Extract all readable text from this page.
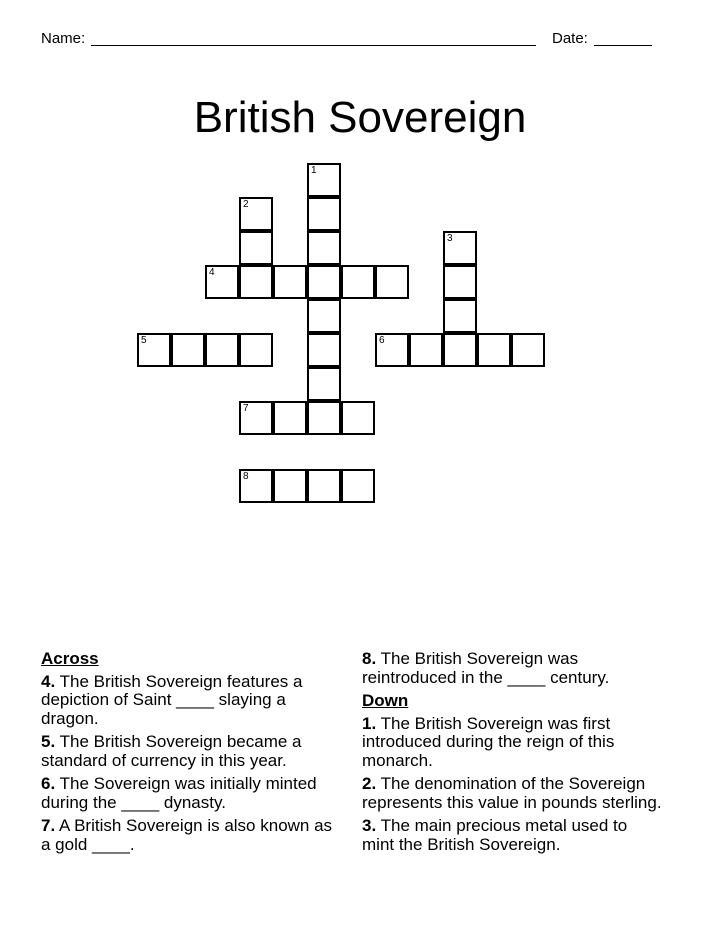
Name:	Date:
British Sovereign
1
2
3
4
5	6
7
8
Across
4. The British Sovereign features a depiction of Saint ____ slaying a dragon.
5. The British Sovereign became a standard of currency in this year.
6. The Sovereign was initially minted during the ____ dynasty.
7. A British Sovereign is also known as a gold ____.
8. The British Sovereign was reintroduced in the ____ century.
Down
1. The British Sovereign was first introduced during the reign of this monarch.
2. The denomination of the Sovereign represents this value in pounds sterling.
3. The main precious metal used to mint the British Sovereign.
